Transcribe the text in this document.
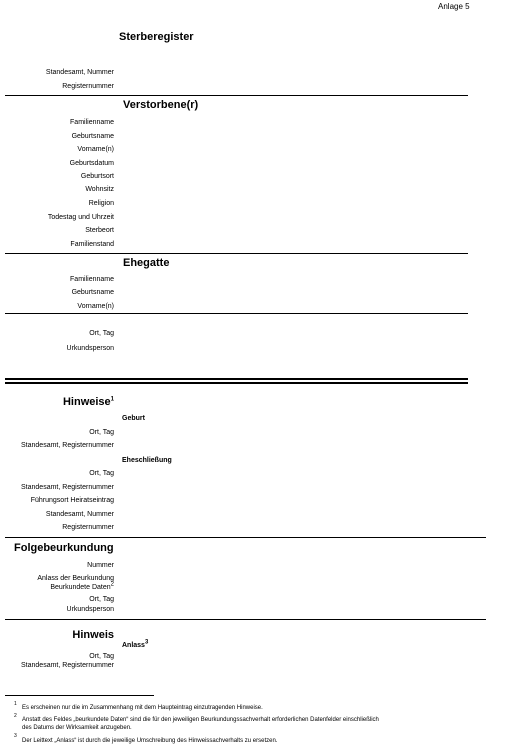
Anlage 5
Sterberegister
Standesamt, Nummer
Registernummer
Verstorbene(r)
Familienname
Geburtsname
Vorname(n)
Geburtsdatum
Geburtsort
Wohnsitz
Religion
Todestag und Uhrzeit
Sterbeort
Familienstand
Ehegatte
Familienname
Geburtsname
Vorname(n)
Ort, Tag
Urkundsperson
Hinweise$^1$
Geburt
Ort, Tag
Standesamt, Registernummer
Eheschließung
Ort, Tag
Standesamt, Registernummer
Führungsort Heiratseintrag
Standesamt, Nummer
Registernummer
Folgebeurkundung
Nummer
Anlass der Beurkundung
Beurkundete Daten$^2$
Ort, Tag
Urkundsperson
Hinweis
Anlass$^3$
Ort, Tag
Standesamt, Registernummer
1
Es erscheinen nur die im Zusammenhang mit dem Haupteintrag einzutragenden Hinweise.
2
Anstatt des Feldes „beurkundete Daten“ sind die für den jeweiligen Beurkundungssachverhalt erforderlichen Datenfelder einschließlich
des Datums der Wirksamkeit anzugeben.
3
Der Leittext „Anlass“ ist durch die jeweilige Umschreibung des Hinweissachverhalts zu ersetzen.
